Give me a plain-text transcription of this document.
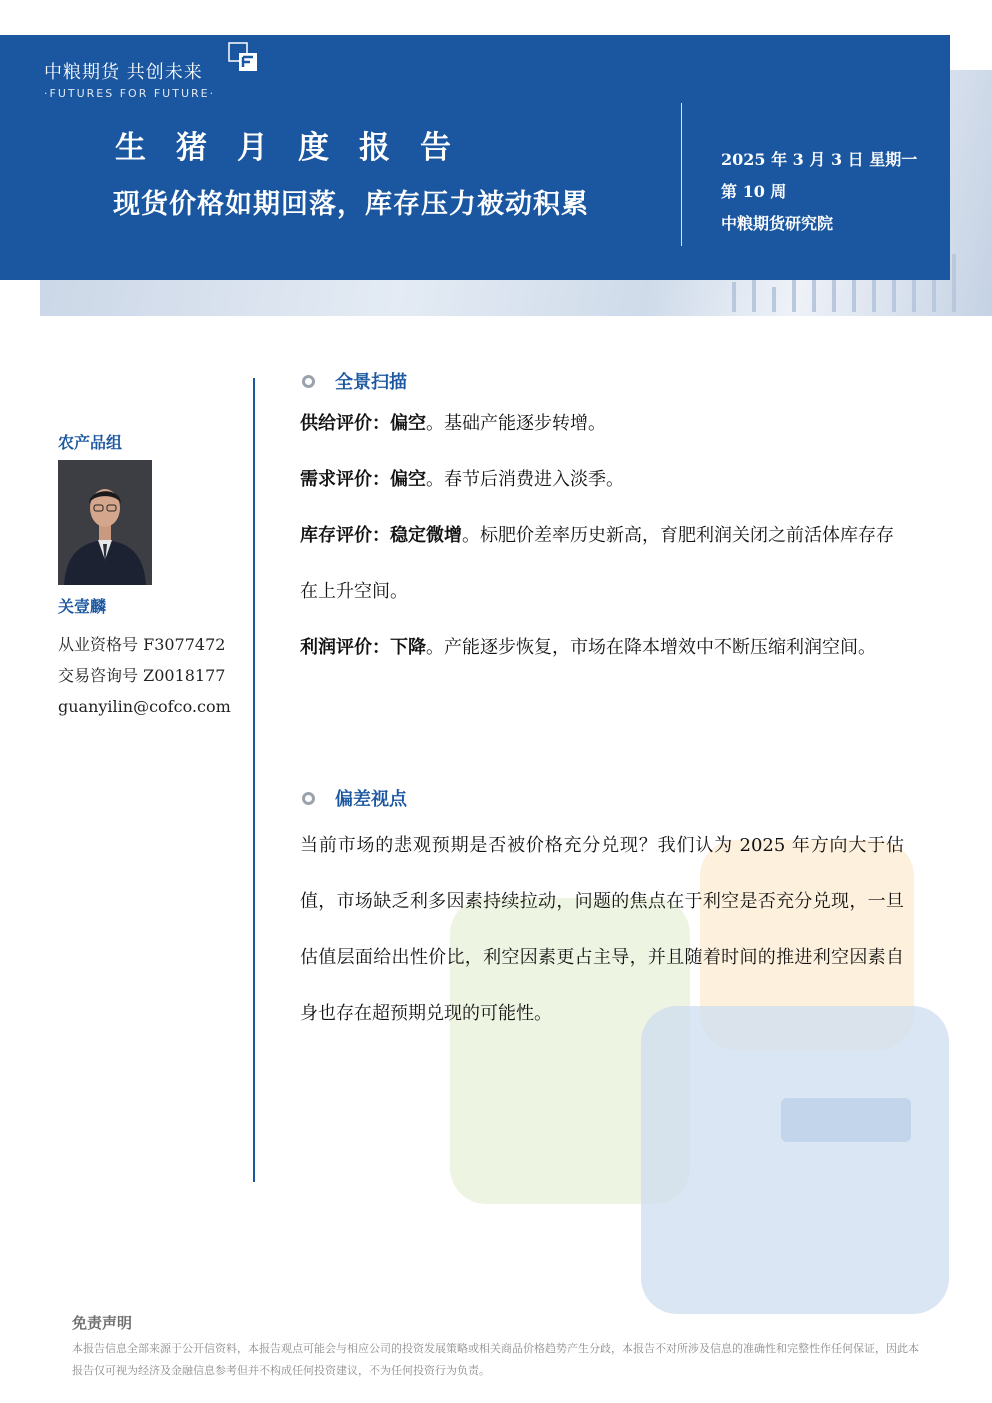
中粮期货 共创未来
·FUTURES FOR FUTURE·
生猪月度报告
现货价格如期回落，库存压力被动积累
2025 年 3 月 3 日 星期一
第 10 周
中粮期货研究院
农产品组
关壹麟
从业资格号 F3077472
交易咨询号 Z0018177
guanyilin@cofco.com
全景扫描
供给评价：偏空。基础产能逐步转增。
需求评价：偏空。春节后消费进入淡季。
库存评价：稳定微增。标肥价差率历史新高，育肥利润关闭之前活体库存存在上升空间。
利润评价：下降。产能逐步恢复，市场在降本增效中不断压缩利润空间。
偏差视点
当前市场的悲观预期是否被价格充分兑现？我们认为 2025 年方向大于估值，市场缺乏利多因素持续拉动，问题的焦点在于利空是否充分兑现，一旦估值层面给出性价比，利空因素更占主导，并且随着时间的推进利空因素自身也存在超预期兑现的可能性。
免责声明
本报告信息全部来源于公开信资料，本报告观点可能会与相应公司的投资发展策略或相关商品价格趋势产生分歧，本报告不对所涉及信息的准确性和完整性作任何保证，因此本报告仅可视为经济及金融信息参考但并不构成任何投资建议，不为任何投资行为负责。
